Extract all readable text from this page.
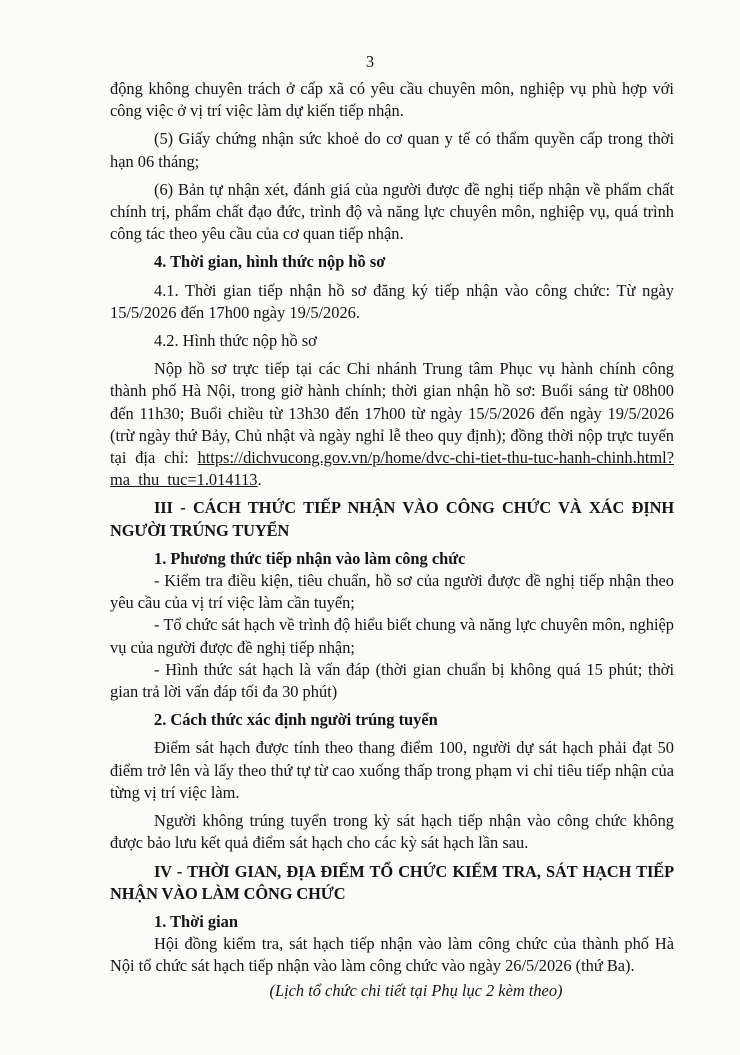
3

động không chuyên trách ở cấp xã có yêu cầu chuyên môn, nghiệp vụ phù hợp với công việc ở vị trí việc làm dự kiến tiếp nhận.

(5) Giấy chứng nhận sức khoẻ do cơ quan y tế có thẩm quyền cấp trong thời hạn 06 tháng;

(6) Bản tự nhận xét, đánh giá của người được đề nghị tiếp nhận về phẩm chất chính trị, phẩm chất đạo đức, trình độ và năng lực chuyên môn, nghiệp vụ, quá trình công tác theo yêu cầu của cơ quan tiếp nhận.

4. Thời gian, hình thức nộp hồ sơ

4.1. Thời gian tiếp nhận hồ sơ đăng ký tiếp nhận vào công chức: Từ ngày 15/5/2026 đến 17h00 ngày 19/5/2026.

4.2. Hình thức nộp hồ sơ

Nộp hồ sơ trực tiếp tại các Chi nhánh Trung tâm Phục vụ hành chính công thành phố Hà Nội, trong giờ hành chính; thời gian nhận hồ sơ: Buổi sáng từ 08h00 đến 11h30; Buổi chiều từ 13h30 đến 17h00 từ ngày 15/5/2026 đến ngày 19/5/2026 (trừ ngày thứ Bảy, Chủ nhật và ngày nghỉ lễ theo quy định); đồng thời nộp trực tuyến tại địa chỉ: https://dichvucong.gov.vn/p/home/dvc-chi-tiet-thu-tuc-hanh-chinh.html?ma_thu_tuc=1.014113.

III - CÁCH THỨC TIẾP NHẬN VÀO CÔNG CHỨC VÀ XÁC ĐỊNH NGƯỜI TRÚNG TUYỂN

1. Phương thức tiếp nhận vào làm công chức

- Kiểm tra điều kiện, tiêu chuẩn, hồ sơ của người được đề nghị tiếp nhận theo yêu cầu của vị trí việc làm cần tuyển;

- Tổ chức sát hạch về trình độ hiểu biết chung và năng lực chuyên môn, nghiệp vụ của người được đề nghị tiếp nhận;

- Hình thức sát hạch là vấn đáp (thời gian chuẩn bị không quá 15 phút; thời gian trả lời vấn đáp tối đa 30 phút)

2. Cách thức xác định người trúng tuyển

Điểm sát hạch được tính theo thang điểm 100, người dự sát hạch phải đạt 50 điểm trở lên và lấy theo thứ tự từ cao xuống thấp trong phạm vi chỉ tiêu tiếp nhận của từng vị trí việc làm.

Người không trúng tuyển trong kỳ sát hạch tiếp nhận vào công chức không được bảo lưu kết quả điểm sát hạch cho các kỳ sát hạch lần sau.

IV - THỜI GIAN, ĐỊA ĐIỂM TỔ CHỨC KIỂM TRA, SÁT HẠCH TIẾP NHẬN VÀO LÀM CÔNG CHỨC

1. Thời gian

Hội đồng kiểm tra, sát hạch tiếp nhận vào làm công chức của thành phố Hà Nội tổ chức sát hạch tiếp nhận vào làm công chức vào ngày 26/5/2026 (thứ Ba).

(Lịch tổ chức chi tiết tại Phụ lục 2 kèm theo)
